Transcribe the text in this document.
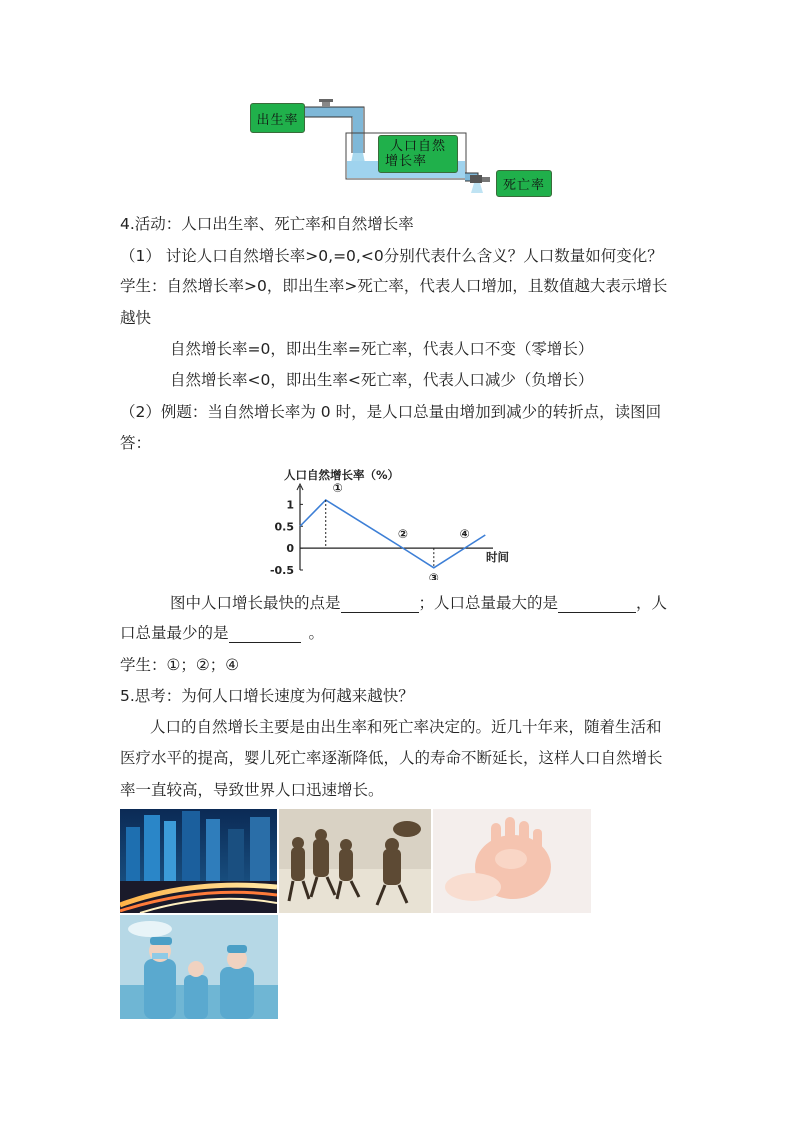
出生率
人口自然
增长率
死亡率
4.活动：人口出生率、死亡率和自然增长率
（1） 讨论人口自然增长率>0,=0,<0分别代表什么含义？人口数量如何变化？
学生：自然增长率>0，即出生率>死亡率，代表人口增加，且数值越大表示增长
越快
自然增长率=0，即出生率=死亡率，代表人口不变（零增长）
自然增长率<0，即出生率<死亡率，代表人口减少（负增长）
（2）例题：当自然增长率为 0 时，是人口总量由增加到减少的转折点，读图回
答：
人口自然增长率（%）
时间
1
0.5
0
-0.5
①
②
③
④
图中人口增长最快的点是	；人口总量最大的是	，人
口总量最少的是	。
学生：①；②；④
5.思考：为何人口增长速度为何越来越快？
人口的自然增长主要是由出生率和死亡率决定的。近几十年来，随着生活和
医疗水平的提高，婴儿死亡率逐渐降低，人的寿命不断延长，这样人口自然增长
率一直较高，导致世界人口迅速增长。
